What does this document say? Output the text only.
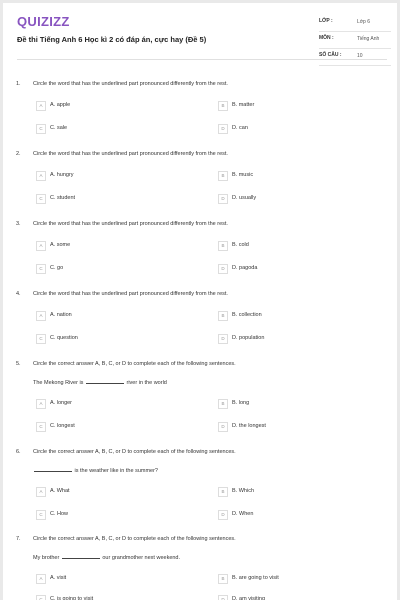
QUIZIZZ
Đề thi Tiếng Anh 6 Học kì 2 có đáp án, cực hay (Đề 5)
LỚP :	Lớp 6
MÔN :	Tiếng Anh
SỐ CÂU :	10
1. Circle the word that has the underlined part pronounced differently from the rest.
A	A. apple	B	B. matter
C	C. sale	D	D. can
2. Circle the word that has the underlined part pronounced differently from the rest.
A	A. hungry	B	B. music
C	C. student	D	D. usually
3. Circle the word that has the underlined part pronounced differently from the rest.
A	A. some	B	B. cold
C	C. go	D	D. pagoda
4. Circle the word that has the underlined part pronounced differently from the rest.
A	A. nation	B	B. collection
C	C. question	D	D. population
5. Circle the correct answer A, B, C, or D to complete each of the following sentences.
The Mekong River is	river in the world
A	A. longer	B	B. long
C	C. longest	D	D. the longest
6. Circle the correct answer A, B, C, or D to complete each of the following sentences.
is the weather like in the summer?
A	A. What	B	B. Which
C	C. How	D	D. When
7. Circle the correct answer A, B, C, or D to complete each of the following sentences.
My brother	our grandmother next weekend.
A	A. visit	B	B. are going to visit
C	C. is going to visit	D	D. am visiting
